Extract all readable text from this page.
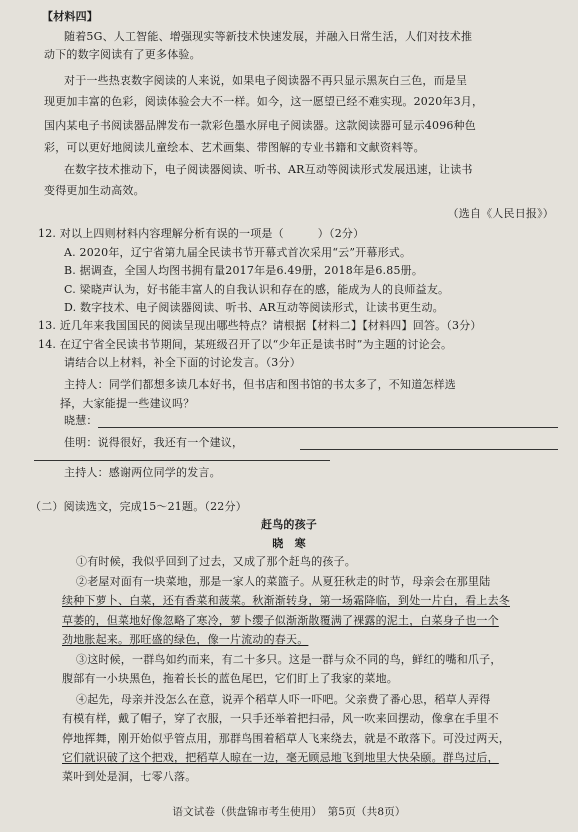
【材料四】
随着5G、人工智能、增强现实等新技术快速发展，并融入日常生活，人们对技术推
动下的数字阅读有了更多体验。
对于一些热衷数字阅读的人来说，如果电子阅读器不再只显示黑灰白三色，而是呈
现更加丰富的色彩，阅读体验会大不一样。如今，这一愿望已经不难实现。2020年3月，
国内某电子书阅读器品牌发布一款彩色墨水屏电子阅读器。这款阅读器可显示4096种色
彩，可以更好地阅读儿童绘本、艺术画集、带图解的专业书籍和文献资料等。
在数字技术推动下，电子阅读器阅读、听书、AR互动等阅读形式发展迅速，让读书
变得更加生动高效。
（选自《人民日报》）
12. 对以上四则材料内容理解分析有误的一项是（	）（2分）
A. 2020年，辽宁省第九届全民读书节开幕式首次采用“云”开幕形式。
B. 据调查，全国人均图书拥有量2017年是6.49册，2018年是6.85册。
C. 梁晓声认为，好书能丰富人的自我认识和存在的感，能成为人的良师益友。
D. 数字技术、电子阅读器阅读、听书、AR互动等阅读形式，让读书更生动。
13. 近几年来我国国民的阅读呈现出哪些特点？请根据【材料二】【材料四】回答。（3分）
14. 在辽宁省全民读书节期间，某班级召开了以“少年正是读书时”为主题的讨论会。
请结合以上材料，补全下面的讨论发言。（3分）
主持人：同学们都想多读几本好书，但书店和图书馆的书太多了，不知道怎样选
择，大家能提一些建议吗？
晓慧：
佳明：说得很好，我还有一个建议，
主持人：感谢两位同学的发言。
（二）阅读选文，完成15～21题。（22分）
赶鸟的孩子
晓　寒
①有时候，我似乎回到了过去，又成了那个赶鸟的孩子。
②老屋对面有一块菜地，那是一家人的菜篮子。从夏狂秋走的时节，母亲会在那里陆
续种下萝卜、白菜，还有香菜和菠菜。秋渐渐转身，第一场霜降临，到处一片白，看上去冬
草萎的，但菜地好像忽略了寒冷，萝卜缨子似渐渐散覆满了裸露的泥土，白菜身子也一个
劲地胀起来。那旺盛的绿色，像一片流动的春天。
③这时候，一群鸟如约而来，有二十多只。这是一群与众不同的鸟，鲜红的嘴和爪子，
腹部有一小块黑色，拖着长长的蓝色尾巴，它们盯上了我家的菜地。
④起先，母亲并没怎么在意，说弄个稻草人吓一吓吧。父亲费了番心思，稻草人弄得
有模有样，戴了帽子，穿了衣服，一只手还举着把扫帚，风一吹来回摆动，像拿在手里不
停地挥舞，刚开始似乎管点用，那群鸟围着稻草人飞来绕去，就是不敢落下。可没过两天，
它们就识破了这个把戏，把稻草人晾在一边，毫无顾忌地飞到地里大快朵颐。群鸟过后，
菜叶到处是洞，七零八落。
语文试卷（供盘锦市考生使用）　第5页（共8页）
